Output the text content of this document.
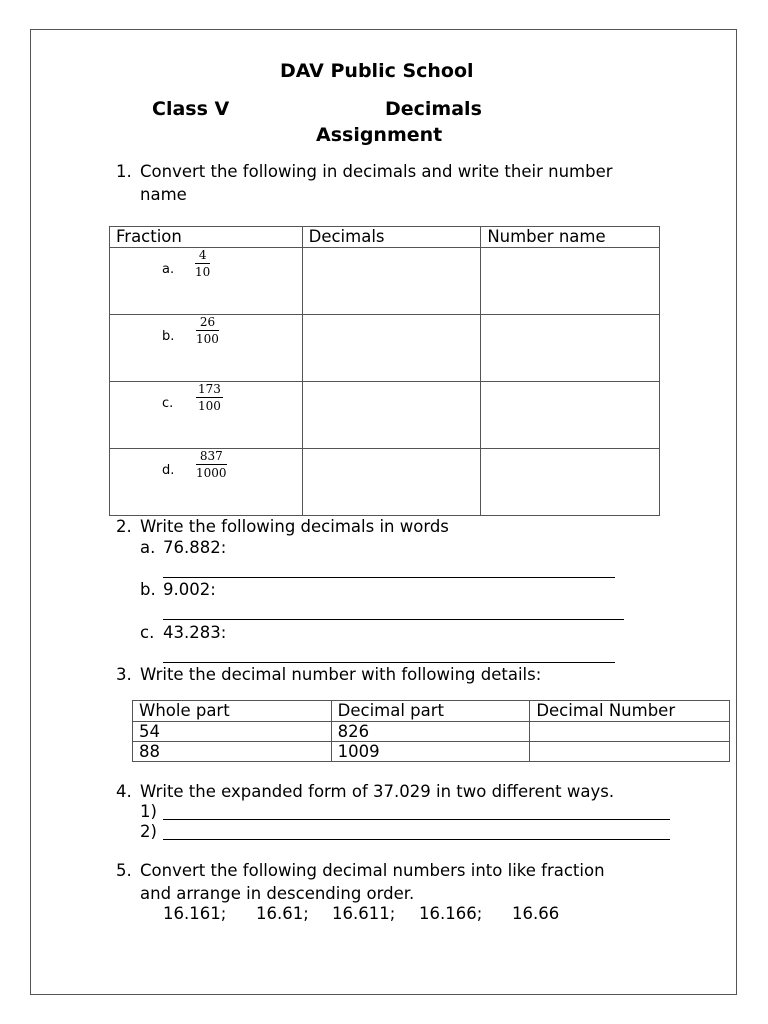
DAV Public School
Class V	Decimals
Assignment
1. Convert the following in decimals and write their number
name
Fraction	Decimals	Number name

a. $\frac{4}{10}$
b. $\frac{26}{100}$
c. $\frac{173}{100}$
d. $\frac{837}{1000}$
2. Write the following decimals in words
a. 76.882:
b. 9.002:
c. 43.283:
3. Write the decimal number with following details:
Whole part	Decimal part	Decimal Number
54	826	
88	1009	
4. Write the expanded form of 37.029 in two different ways.
1)
2)
5. Convert the following decimal numbers into like fraction
and arrange in descending order.
16.161; 16.61; 16.611; 16.166; 16.66
